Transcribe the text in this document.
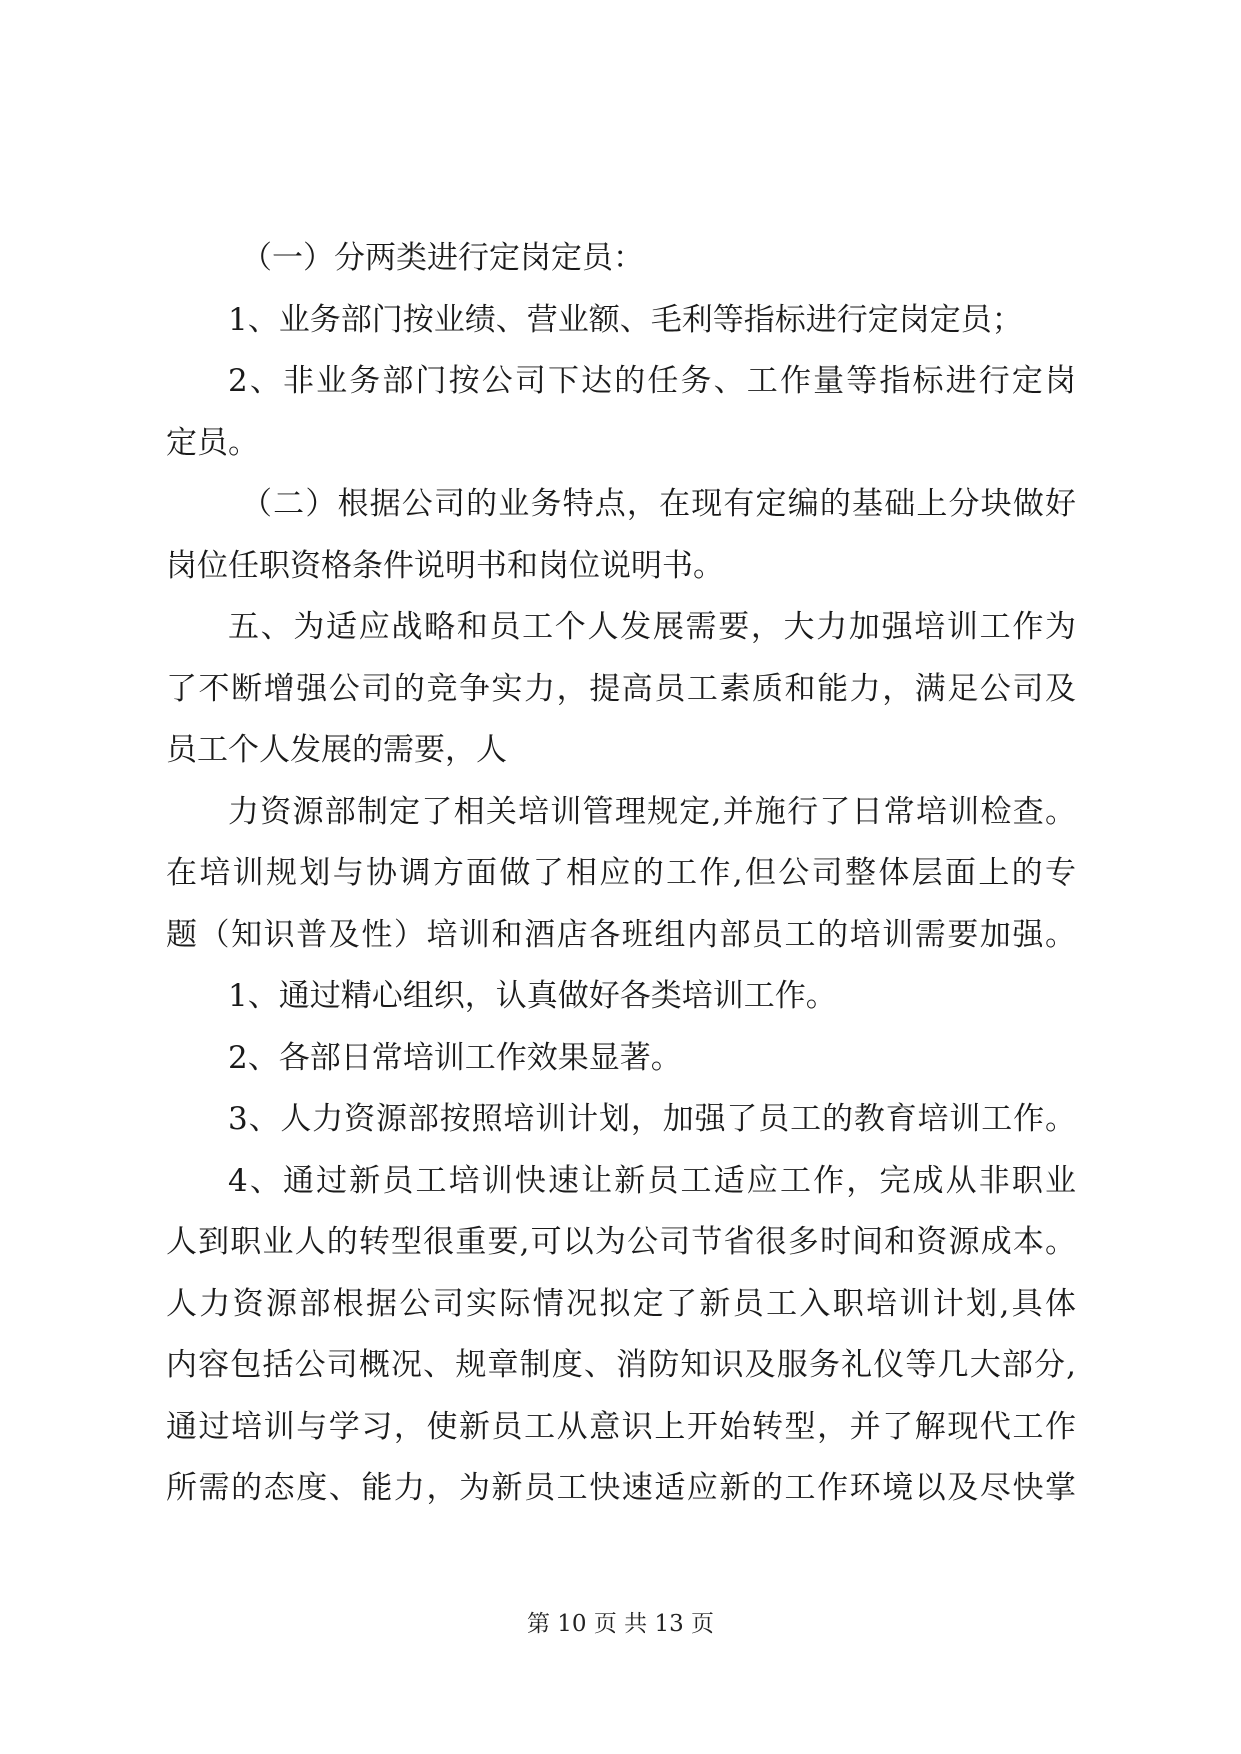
（一）分两类进行定岗定员：
1、业务部门按业绩、营业额、毛利等指标进行定岗定员；
2、非业务部门按公司下达的任务、工作量等指标进行定岗
定员。
（二）根据公司的业务特点，在现有定编的基础上分块做好
岗位任职资格条件说明书和岗位说明书。
五、为适应战略和员工个人发展需要，大力加强培训工作为
了不断增强公司的竞争实力，提高员工素质和能力，满足公司及
员工个人发展的需要，人
力资源部制定了相关培训管理规定,并施行了日常培训检查。
在培训规划与协调方面做了相应的工作,但公司整体层面上的专
题（知识普及性）培训和酒店各班组内部员工的培训需要加强。
1、通过精心组织，认真做好各类培训工作。
2、各部日常培训工作效果显著。
3、人力资源部按照培训计划，加强了员工的教育培训工作。
4、通过新员工培训快速让新员工适应工作，完成从非职业
人到职业人的转型很重要,可以为公司节省很多时间和资源成本。
人力资源部根据公司实际情况拟定了新员工入职培训计划,具体
内容包括公司概况、规章制度、消防知识及服务礼仪等几大部分,
通过培训与学习，使新员工从意识上开始转型，并了解现代工作
所需的态度、能力，为新员工快速适应新的工作环境以及尽快掌
第 10 页 共 13 页
